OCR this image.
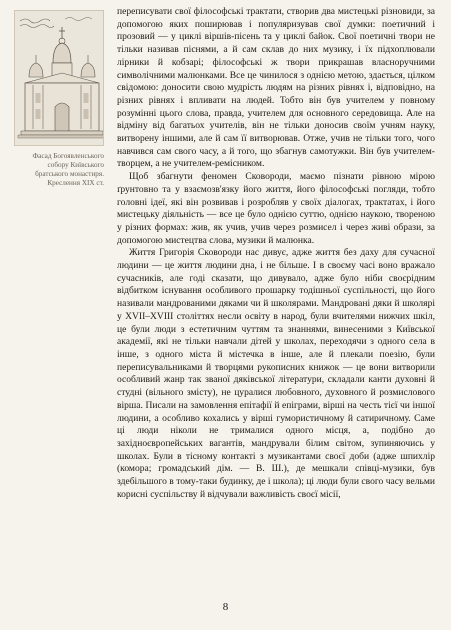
Фасад Богоявленського собору Київського братського монастиря. Креслення XIX ст.

переписувати свої філософські трактати, створив два мистецькі різновиди, за допомогою яких поширював і популяризував свої думки: поетичний і прозовий — у циклі віршів-пісень та у циклі байок. Свої поетичні твори не тільки називав піснями, а й сам склав до них музику, і їх підхоплювали лірники й кобзарі; філософські ж твори прикрашав власноручними символічними малюнками. Все це чинилося з однією метою, здається, цілком свідомою: доносити свою мудрість людям на різних рівнях і, відповідно, на різних рівнях і впливати на людей. Тобто він був учителем у повному розумінні цього слова, правда, учителем для основного середовища. Але на відміну від багатьох учителів, він не тільки доносив своїм учням науку, витворену іншими, але й сам її витворював. Отже, учив не тільки того, чого навчився сам свого часу, а й того, що збагнув самотужки. Він був учителем-творцем, а не учителем-ремісником.

Щоб збагнути феномен Сковороди, маємо пізнати рівною мірою ґрунтовно та у взаємозв'язку його життя, його філософські погляди, тобто головні ідеї, які він розвивав і розробляв у своїх діалогах, трактатах, і його мистецьку діяльність — все це було однією суттю, однією наукою, твореною у різних формах: жив, як учив, учив через розмисел і через живі образи, за допомогою мистецтва слова, музики й малюнка.

Життя Григорія Сковороди нас дивує, адже життя без даху для сучасної людини — це життя людини дна, і не більше. І в своєму часі воно вражало сучасників, але годі сказати, що дивувало, адже було ніби своєрідним відбитком існування особливого прошарку тодішньої суспільності, що його називали мандрованими дяками чи й школярами. Мандровані дяки й школярі у XVII–XVIII століттях несли освіту в народ, були вчителями нижчих шкіл, це були люди з естетичним чуттям та знаннями, винесеними з Київської академії, які не тільки навчали дітей у школах, переходячи з одного села в інше, з одного міста й містечка в інше, але й плекали поезію, були переписувальниками й творцями рукописних книжок — це вони витворили особливий жанр так званої дяківської літератури, складали канти духовні й студні (вільного змісту), не цуралися любовного, духовного й розмислового вірша. Писали на замовлення епітафії й епіграми, вірші на честь тієї чи іншої людини, а особливо кохались у вірші гумористичному й сатиричному. Саме ці люди ніколи не трималися одного місця, а, подібно до західноєвропейських вагантів, мандрували білим світом, зупиняючись у школах. Були в тісному контакті з музикантами своєї доби (адже шпихлір (комора; громадський дім. — В. Ш.), де мешкали співці-музики, був здебільшого в тому-таки будинку, де і школа); ці люди були свого часу вельми корисні суспільству й відчували важливість своєї місії,

8
